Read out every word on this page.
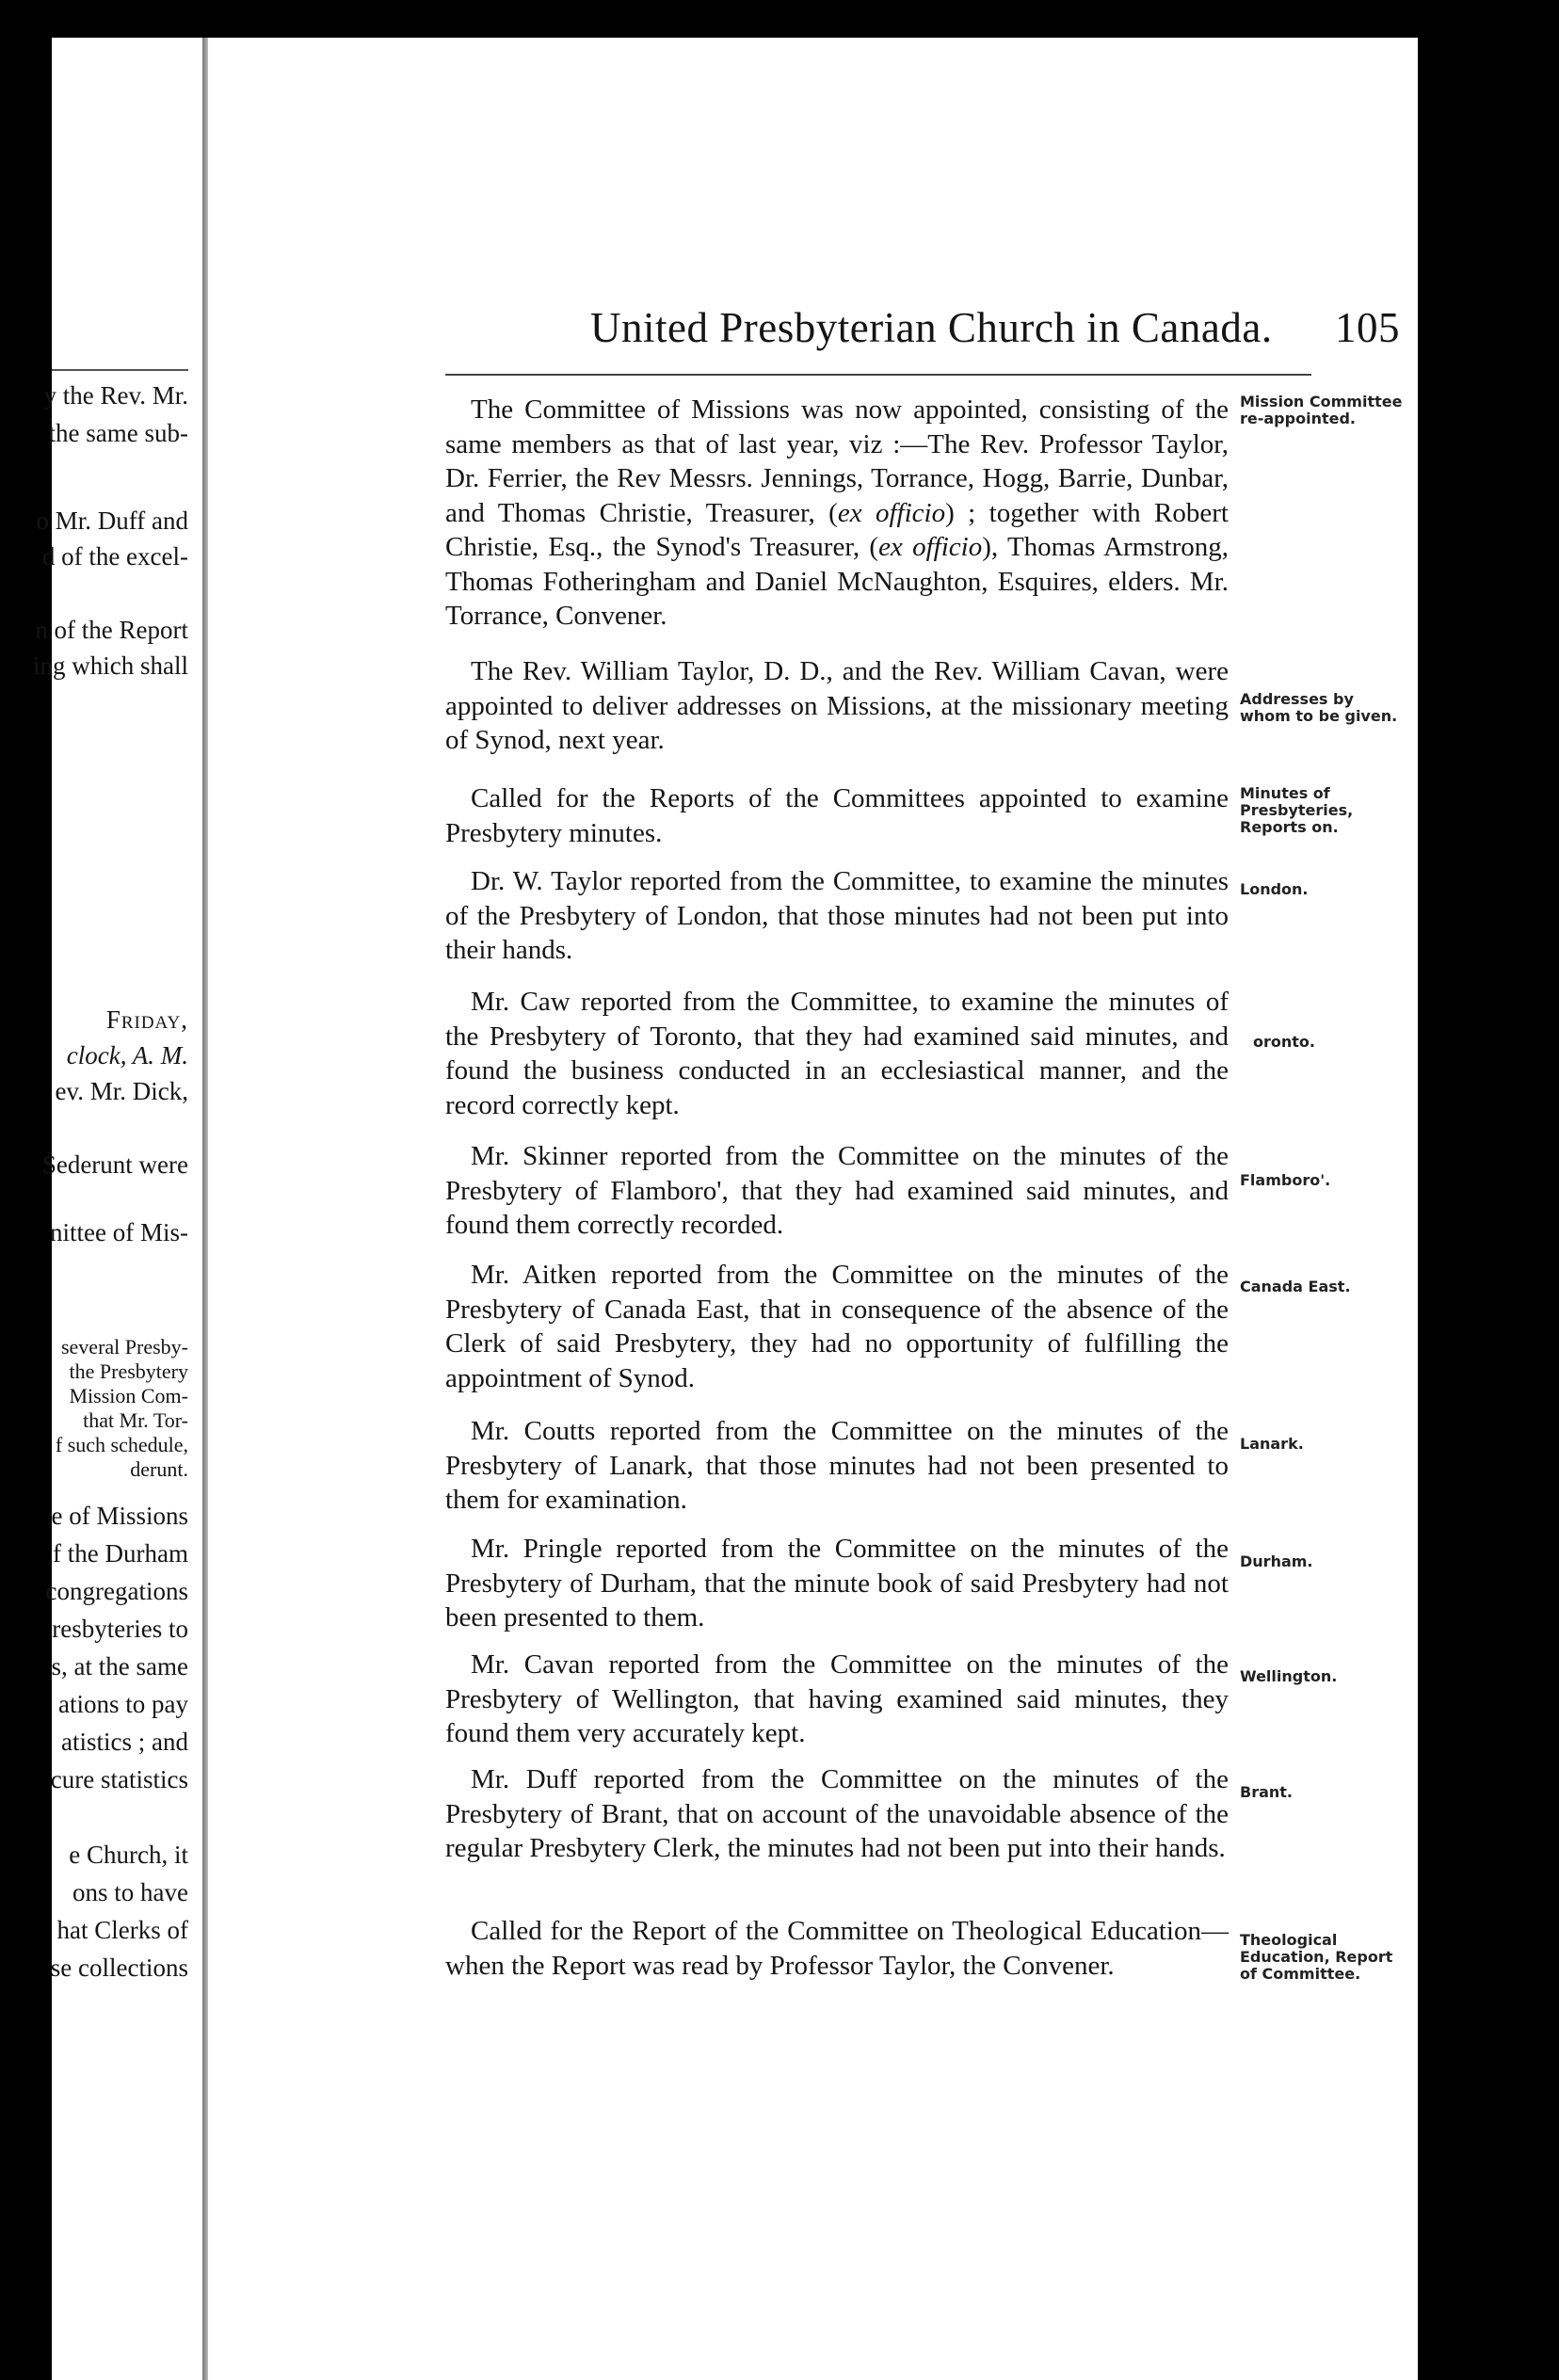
y the Rev. Mr.
the same sub-
o Mr. Duff and
d of the excel-
n of the Report
ing which shall
Friday,
clock, A. M.
ev. Mr. Dick,
Sederunt were
nittee of Mis-
several Presby-
the Presbytery
Mission Com-
that Mr. Tor-
f such schedule,
derunt.
e of Missions
f the Durham
congregations
resbyteries to
s, at the same
ations to pay
atistics ; and
cure statistics
e Church, it
ons to have
hat Clerks of
se collections
United Presbyterian Church in Canada. 105
The Committee of Missions was now appointed, consisting of the same members as that of last year, viz :—The Rev. Professor Taylor, Dr. Ferrier, the Rev Messrs. Jennings, Torrance, Hogg, Barrie, Dunbar, and Thomas Christie, Treasurer, (ex officio) ; together with Robert Christie, Esq., the Synod's Treasurer, (ex officio), Thomas Armstrong, Thomas Fotheringham and Daniel McNaughton, Esquires, elders. Mr. Torrance, Convener.
The Rev. William Taylor, D. D., and the Rev. William Cavan, were appointed to deliver addresses on Missions, at the missionary meeting of Synod, next year.
Called for the Reports of the Committees appointed to examine Presbytery minutes.
Dr. W. Taylor reported from the Committee, to examine the minutes of the Presbytery of London, that those minutes had not been put into their hands.
Mr. Caw reported from the Committee, to examine the minutes of the Presbytery of Toronto, that they had examined said minutes, and found the business conducted in an ecclesiastical manner, and the record correctly kept.
Mr. Skinner reported from the Committee on the minutes of the Presbytery of Flamboro', that they had examined said minutes, and found them correctly recorded.
Mr. Aitken reported from the Committee on the minutes of the Presbytery of Canada East, that in consequence of the absence of the Clerk of said Presbytery, they had no opportunity of fulfilling the appointment of Synod.
Mr. Coutts reported from the Committee on the minutes of the Presbytery of Lanark, that those minutes had not been presented to them for examination.
Mr. Pringle reported from the Committee on the minutes of the Presbytery of Durham, that the minute book of said Presbytery had not been presented to them.
Mr. Cavan reported from the Committee on the minutes of the Presbytery of Wellington, that having examined said minutes, they found them very accurately kept.
Mr. Duff reported from the Committee on the minutes of the Presbytery of Brant, that on account of the unavoidable absence of the regular Presbytery Clerk, the minutes had not been put into their hands.
Called for the Report of the Committee on Theological Education—when the Report was read by Professor Taylor, the Convener.
Mission Committee re-appointed.
Addresses by whom to be given.
Minutes of Presbyteries, Reports on.
London.
oronto.
Flamboro'.
Canada East.
Lanark.
Durham.
Wellington.
Brant.
Theological Education, Report of Committee.
